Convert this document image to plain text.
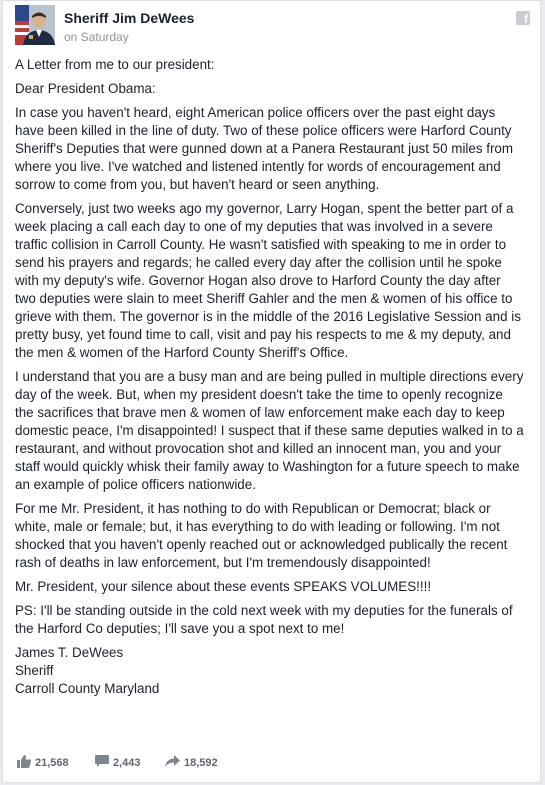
Sheriff Jim DeWees
on Saturday
f

A Letter from me to our president:

Dear President Obama:

In case you haven't heard, eight American police officers over the past eight days have been killed in the line of duty. Two of these police officers were Harford County Sheriff's Deputies that were gunned down at a Panera Restaurant just 50 miles from where you live. I've watched and listened intently for words of encouragement and sorrow to come from you, but haven't heard or seen anything.

Conversely, just two weeks ago my governor, Larry Hogan, spent the better part of a week placing a call each day to one of my deputies that was involved in a severe traffic collision in Carroll County. He wasn't satisfied with speaking to me in order to send his prayers and regards; he called every day after the collision until he spoke with my deputy's wife. Governor Hogan also drove to Harford County the day after two deputies were slain to meet Sheriff Gahler and the men & women of his office to grieve with them. The governor is in the middle of the 2016 Legislative Session and is pretty busy, yet found time to call, visit and pay his respects to me & my deputy, and the men & women of the Harford County Sheriff's Office.

I understand that you are a busy man and are being pulled in multiple directions every day of the week. But, when my president doesn't take the time to openly recognize the sacrifices that brave men & women of law enforcement make each day to keep domestic peace, I'm disappointed! I suspect that if these same deputies walked in to a restaurant, and without provocation shot and killed an innocent man, you and your staff would quickly whisk their family away to Washington for a future speech to make an example of police officers nationwide.

For me Mr. President, it has nothing to do with Republican or Democrat; black or white, male or female; but, it has everything to do with leading or following. I'm not shocked that you haven't openly reached out or acknowledged publically the recent rash of deaths in law enforcement, but I'm tremendously disappointed!

Mr. President, your silence about these events SPEAKS VOLUMES!!!!

PS: I'll be standing outside in the cold next week with my deputies for the funerals of the Harford Co deputies; I'll save you a spot next to me!

James T. DeWees
Sheriff
Carroll County Maryland
21,568	2,443	18,592
